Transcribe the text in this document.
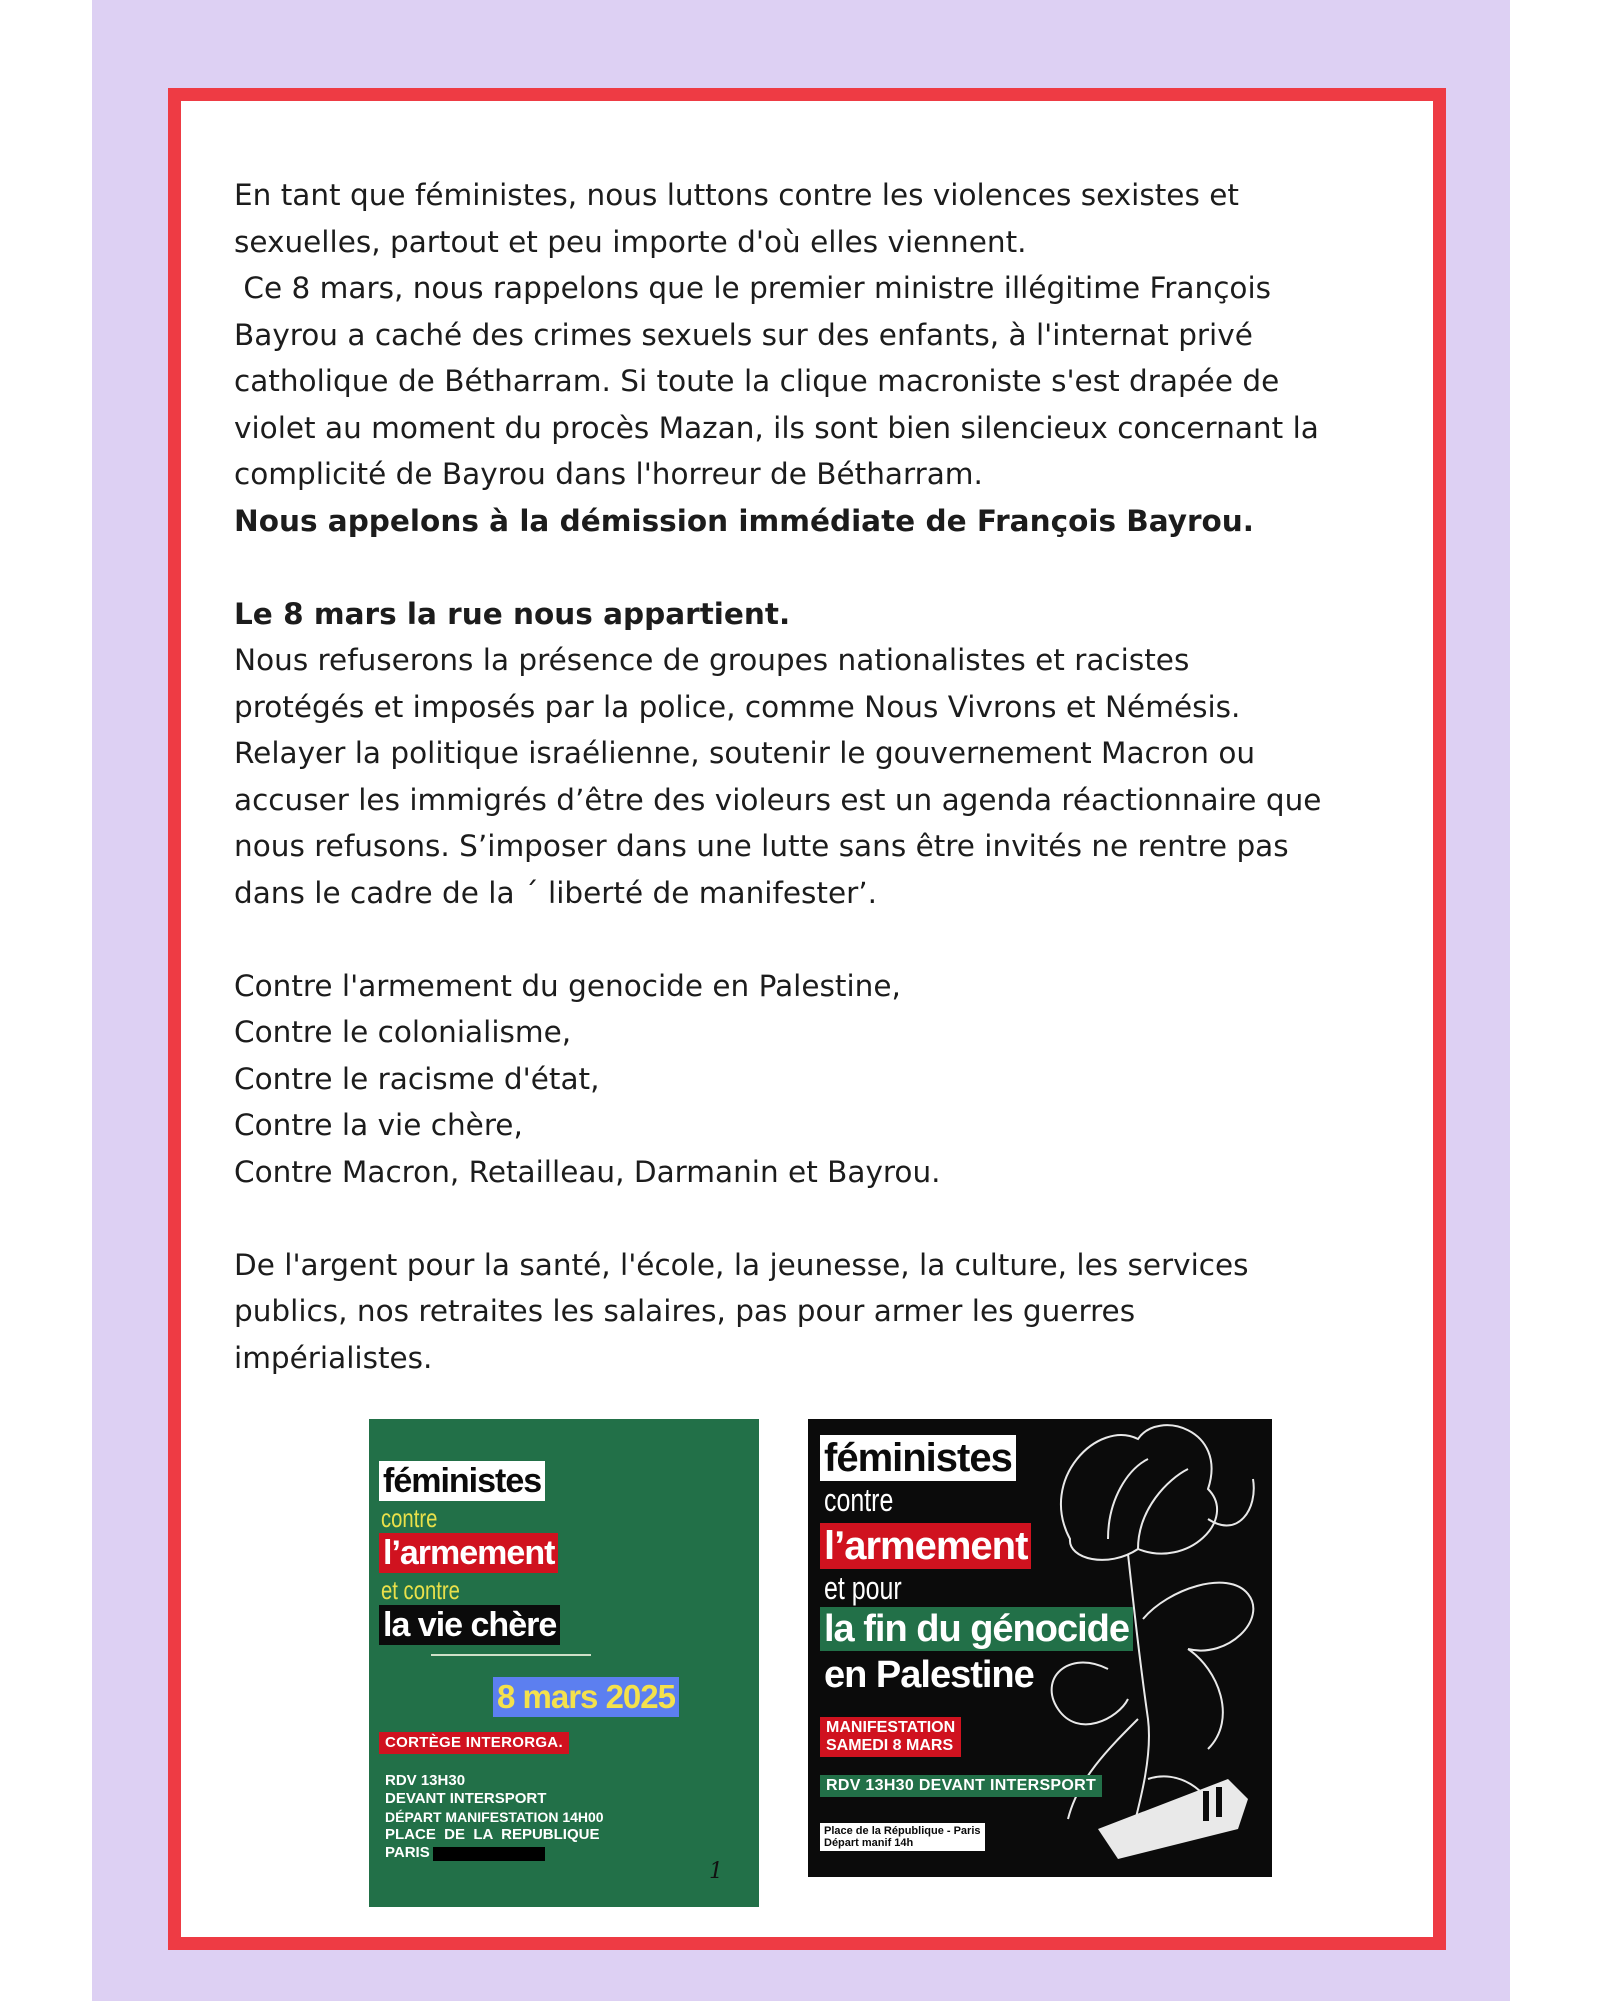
En tant que féministes, nous luttons contre les violences sexistes et
sexuelles, partout et peu importe d'où elles viennent.

Ce 8 mars, nous rappelons que le premier ministre illégitime François
Bayrou a caché des crimes sexuels sur des enfants, à l'internat privé
catholique de Bétharram. Si toute la clique macroniste s'est drapée de
violet au moment du procès Mazan, ils sont bien silencieux concernant la
complicité de Bayrou dans l'horreur de Bétharram.

Nous appelons à la démission immédiate de François Bayrou.

Le 8 mars la rue nous appartient.

Nous refuserons la présence de groupes nationalistes et racistes
protégés et imposés par la police, comme Nous Vivrons et Némésis.
Relayer la politique israélienne, soutenir le gouvernement Macron ou
accuser les immigrés d’être des violeurs est un agenda réactionnaire que
nous refusons. S’imposer dans une lutte sans être invités ne rentre pas
dans le cadre de la ´ liberté de manifester’.

Contre l'armement du genocide en Palestine,
Contre le colonialisme,
Contre le racisme d'état,
Contre la vie chère,
Contre Macron, Retailleau, Darmanin et Bayrou.

De l'argent pour la santé, l'école, la jeunesse, la culture, les services
publics, nos retraites les salaires, pas pour armer les guerres
impérialistes.

féministes
contre
l’armement
et contre
la vie chère
8 mars 2025
CORTÈGE INTERORGA.
RDV 13H30
DEVANT INTERSPORT
DÉPART MANIFESTATION 14H00
PLACE  DE  LA  REPUBLIQUE
PARIS
1
féministes
contre
l’armement
et pour
la fin du génocide
en Palestine
MANIFESTATION
SAMEDI 8 MARS
RDV 13H30 DEVANT INTERSPORT
Place de la République - Paris
Départ manif 14h
